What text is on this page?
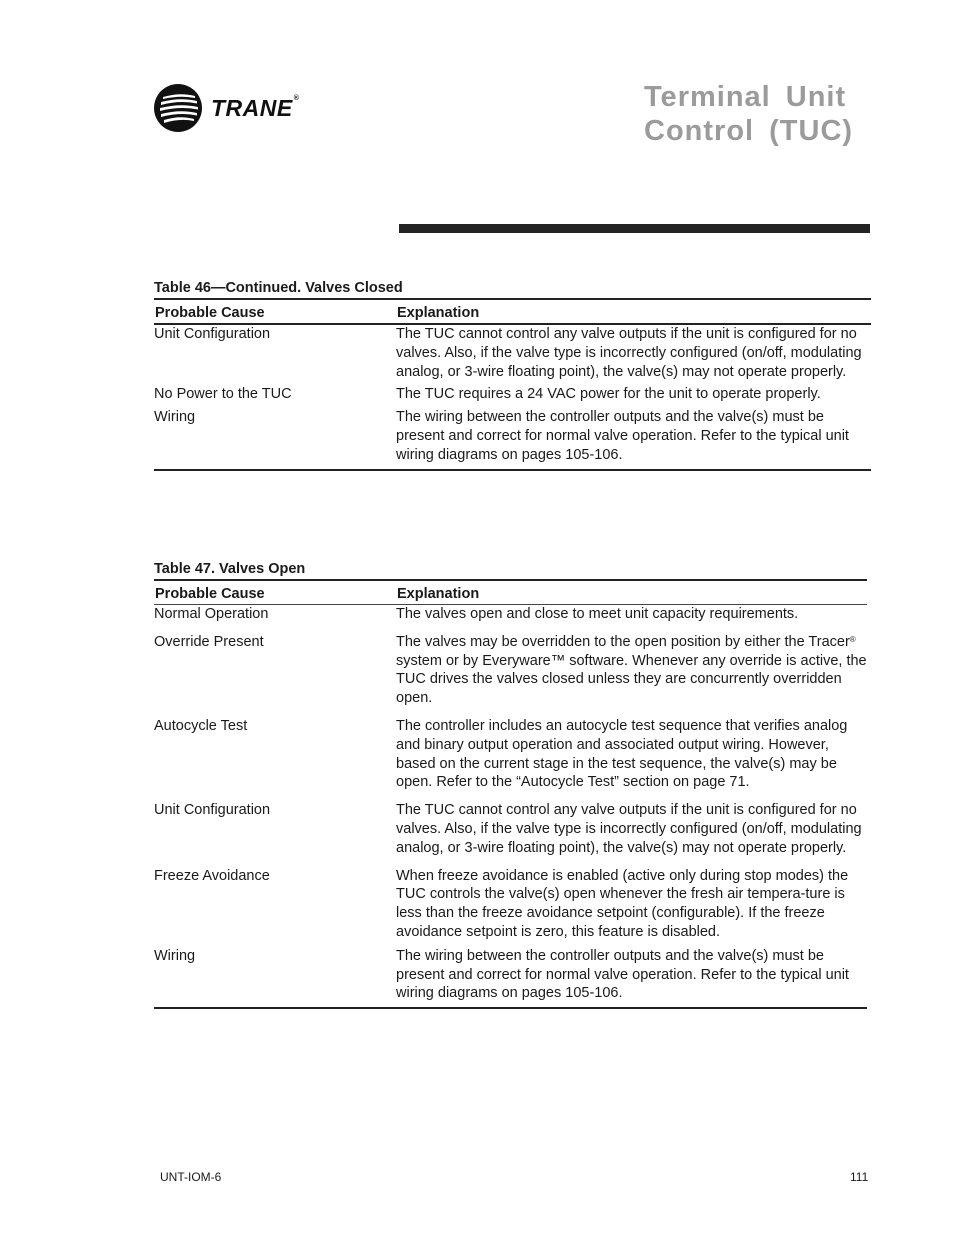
TRANE®	Terminal Unit
Control (TUC)
Table 46—Continued. Valves Closed
Probable Cause	Explanation
Unit Configuration	The TUC cannot control any valve outputs if the unit is configured for no valves. Also, if the valve type is incorrectly configured (on/off, modulating analog, or 3-wire floating point), the valve(s) may not operate properly.
No Power to the TUC	The TUC requires a 24 VAC power for the unit to operate properly.
Wiring	The wiring between the controller outputs and the valve(s) must be present and correct for normal valve operation. Refer to the typical unit wiring diagrams on pages 105-106.
Table 47. Valves Open
Probable Cause	Explanation
Normal Operation	The valves open and close to meet unit capacity requirements.
Override Present	The valves may be overridden to the open position by either the Tracer® system or by Everyware™ software. Whenever any override is active, the TUC drives the valves closed unless they are concurrently overridden open.
Autocycle Test	The controller includes an autocycle test sequence that verifies analog and binary output operation and associated output wiring. However, based on the current stage in the test sequence, the valve(s) may be open. Refer to the “Autocycle Test” section on page 71.
Unit Configuration	The TUC cannot control any valve outputs if the unit is configured for no valves. Also, if the valve type is incorrectly configured (on/off, modulating analog, or 3-wire floating point), the valve(s) may not operate properly.
Freeze Avoidance	When freeze avoidance is enabled (active only during stop modes) the TUC controls the valve(s) open whenever the fresh air tempera-ture is less than the freeze avoidance setpoint (configurable). If the freeze avoidance setpoint is zero, this feature is disabled.
Wiring	The wiring between the controller outputs and the valve(s) must be present and correct for normal valve operation. Refer to the typical unit wiring diagrams on pages 105-106.
UNT-IOM-6	111
